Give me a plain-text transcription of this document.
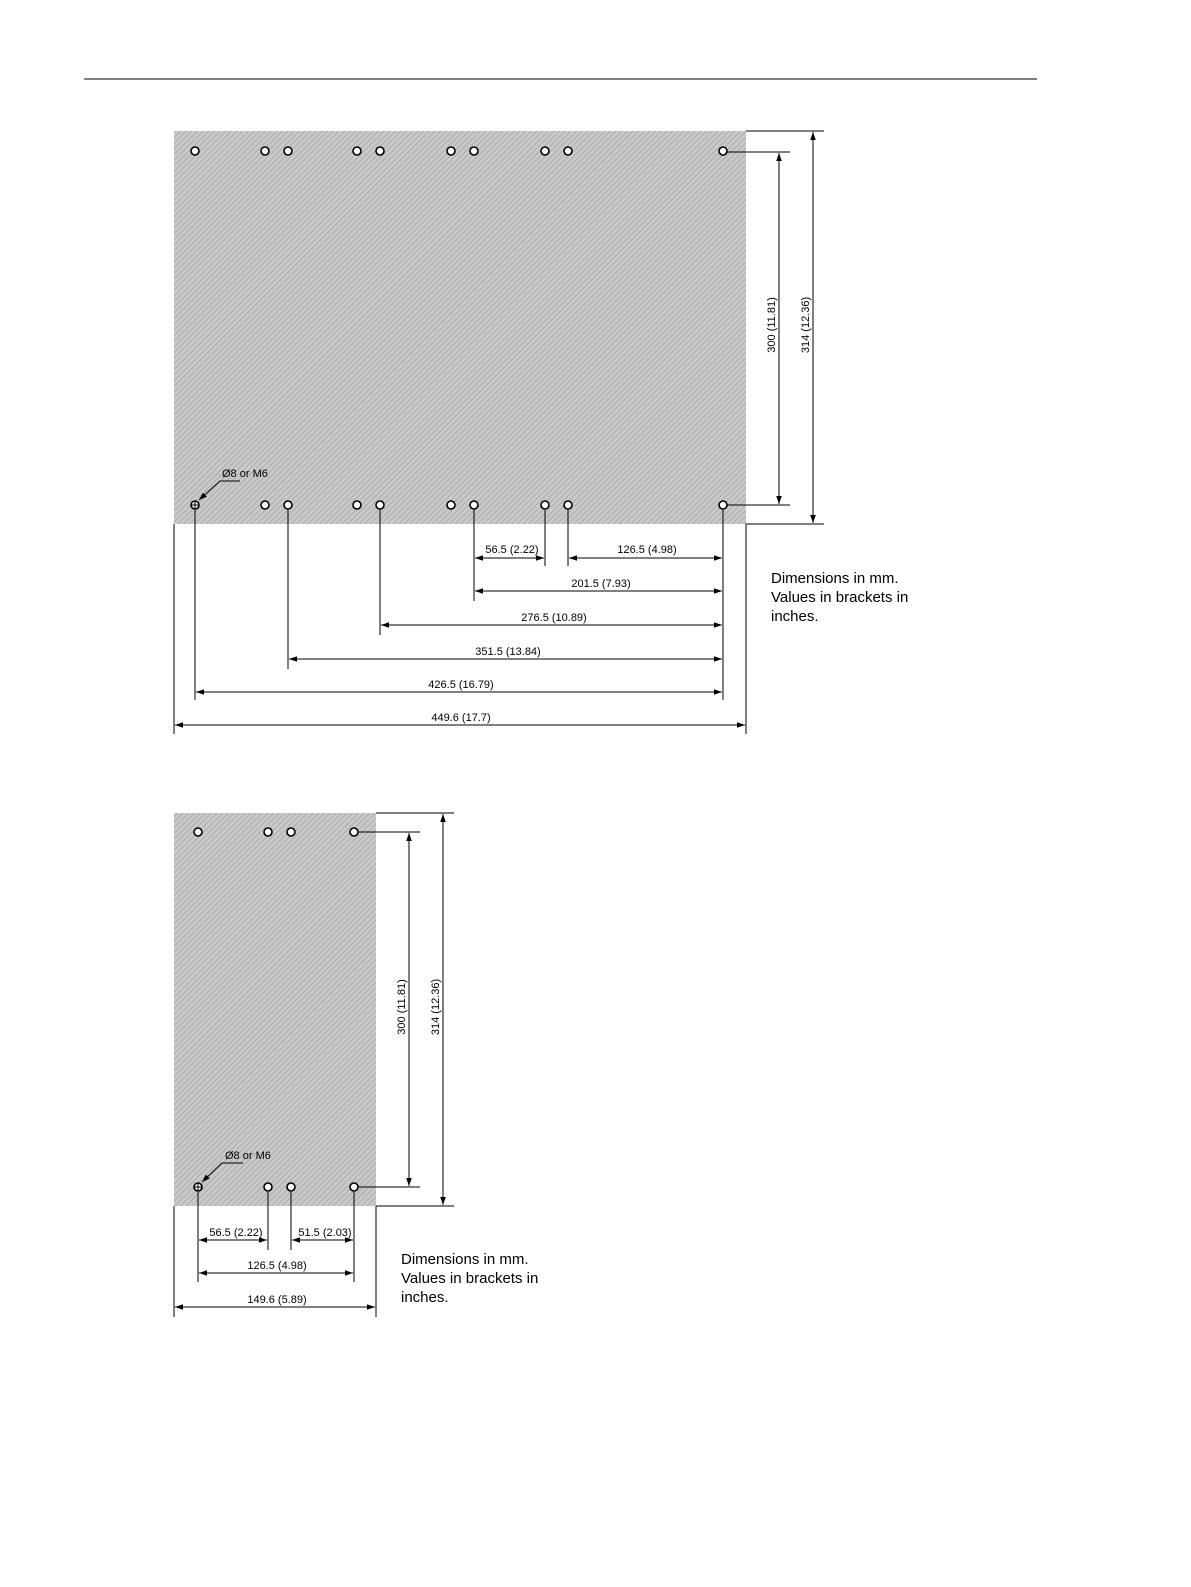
Ø8 or M6
300 (11.81) 314 (12.36)
56.5 (2.22)	126.5 (4.98)
201.5 (7.93)
276.5 (10.89)
351.5 (13.84)
426.5 (16.79)
449.6 (17.7)
Dimensions in mm.
Values in brackets in
inches.
Ø8 or M6
300 (11.81) 314 (12.36)
56.5 (2.22)	51.5 (2.03)
126.5 (4.98)
149.6 (5.89)
Dimensions in mm.
Values in brackets in
inches.
